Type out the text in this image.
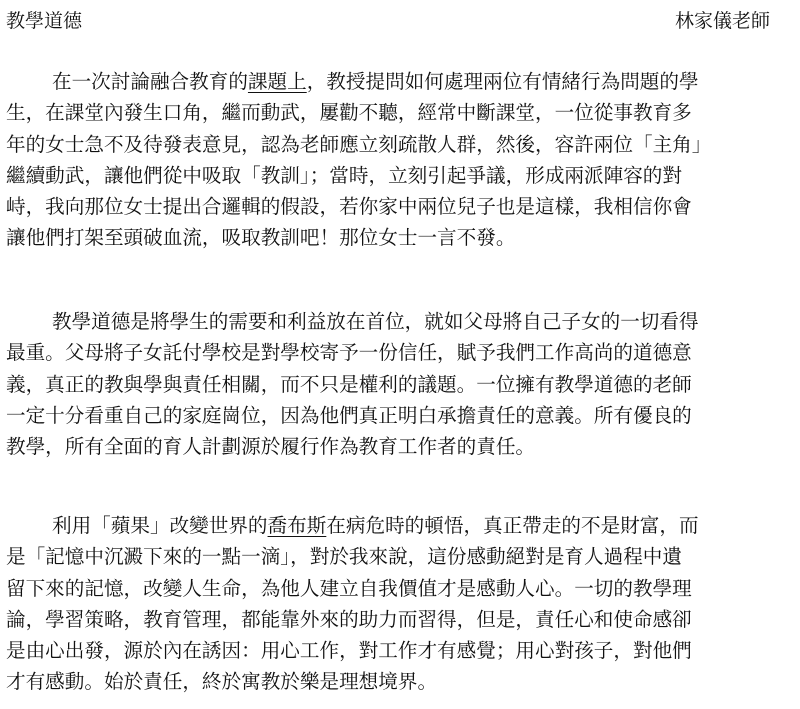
教學道德	林家儀老師
在一次討論融合教育的課題上，教授提問如何處理兩位有情緒行為問題的學
生，在課堂內發生口角，繼而動武，屢勸不聽，經常中斷課堂，一位從事教育多
年的女士急不及待發表意見，認為老師應立刻疏散人群，然後，容許兩位「主角」
繼續動武，讓他們從中吸取「教訓」；當時，立刻引起爭議，形成兩派陣容的對
峙，我向那位女士提出合邏輯的假設，若你家中兩位兒子也是這樣，我相信你會
讓他們打架至頭破血流，吸取教訓吧！那位女士一言不發。
教學道德是將學生的需要和利益放在首位，就如父母將自己子女的一切看得
最重。父母將子女託付學校是對學校寄予一份信任，賦予我們工作高尚的道德意
義，真正的教與學與責任相關，而不只是權利的議題。一位擁有教學道德的老師
一定十分看重自己的家庭崗位，因為他們真正明白承擔責任的意義。所有優良的
教學，所有全面的育人計劃源於履行作為教育工作者的責任。
利用「蘋果」改變世界的喬布斯在病危時的頓悟，真正帶走的不是財富，而
是「記憶中沉澱下來的一點一滴」，對於我來說，這份感動絕對是育人過程中遺
留下來的記憶，改變人生命，為他人建立自我價值才是感動人心。一切的教學理
論，學習策略，教育管理，都能靠外來的助力而習得，但是，責任心和使命感卻
是由心出發，源於內在誘因：用心工作，對工作才有感覺；用心對孩子，對他們
才有感動。始於責任，終於寓教於樂是理想境界。
